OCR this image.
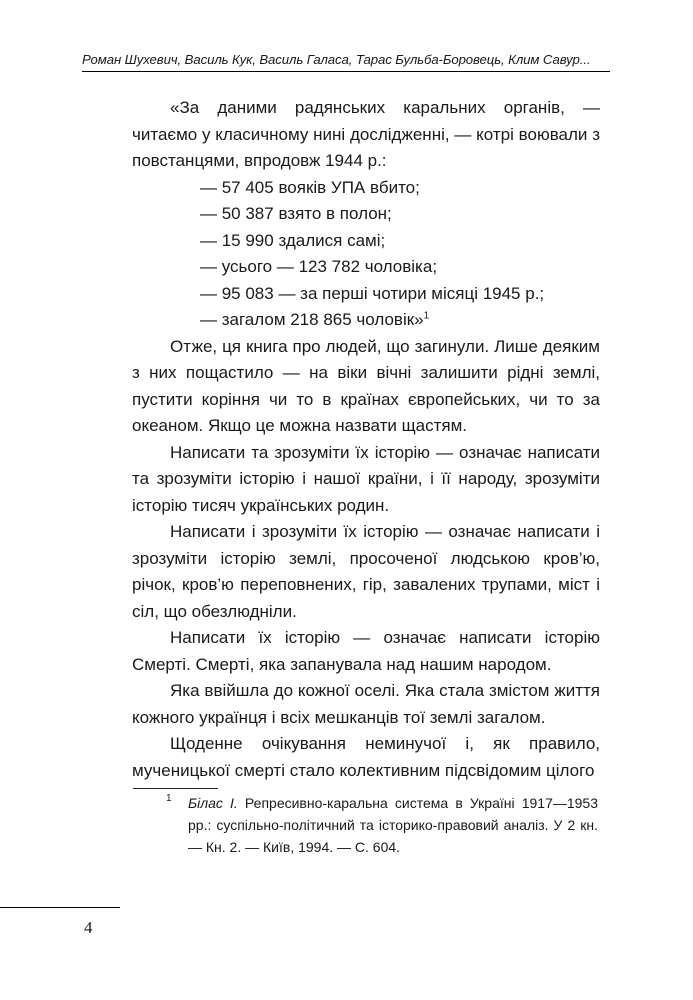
Роман Шухевич, Василь Кук, Василь Галаса, Тарас Бульба-Боровець, Клим Савур...

«За даними радянських каральних органів, — читаємо у класичному нині дослідженні, — котрі воювали з повстанцями, впродовж 1944 р.:

— 57 405 вояків УПА вбито;
— 50 387 взято в полон;
— 15 990 здалися самі;
— усього — 123 782 чоловіка;
— 95 083 — за перші чотири місяці 1945 р.;
— загалом 218 865 чоловік»$^1$

Отже, ця книга про людей, що загинули. Лише деяким з них пощастило — на віки вічні залишити рідні землі, пустити коріння чи то в країнах європейських, чи то за океаном. Якщо це можна назвати щастям.

Написати та зрозуміти їх історію — означає написати та зрозуміти історію і нашої країни, і її народу, зрозуміти історію тисяч українських родин.

Написати і зрозуміти їх історію — означає написати і зрозуміти історію землі, просоченої людською кров’ю, річок, кров’ю переповнених, гір, завалених трупами, міст і сіл, що обезлюдніли.

Написати їх історію — означає написати історію Смерті. Смерті, яка запанувала над нашим народом.

Яка ввійшла до кожної оселі. Яка стала змістом життя кожного українця і всіх мешканців тої землі загалом.

Щоденне очікування неминучої і, як правило, мученицької смерті стало колективним підсвідомим цілого

1 Білас І. Репресивно-каральна система в Україні 1917—1953 рр.: суспільно-політичний та історико-правовий аналіз. У 2 кн. — Кн. 2. — Київ, 1994. — С. 604.

4
